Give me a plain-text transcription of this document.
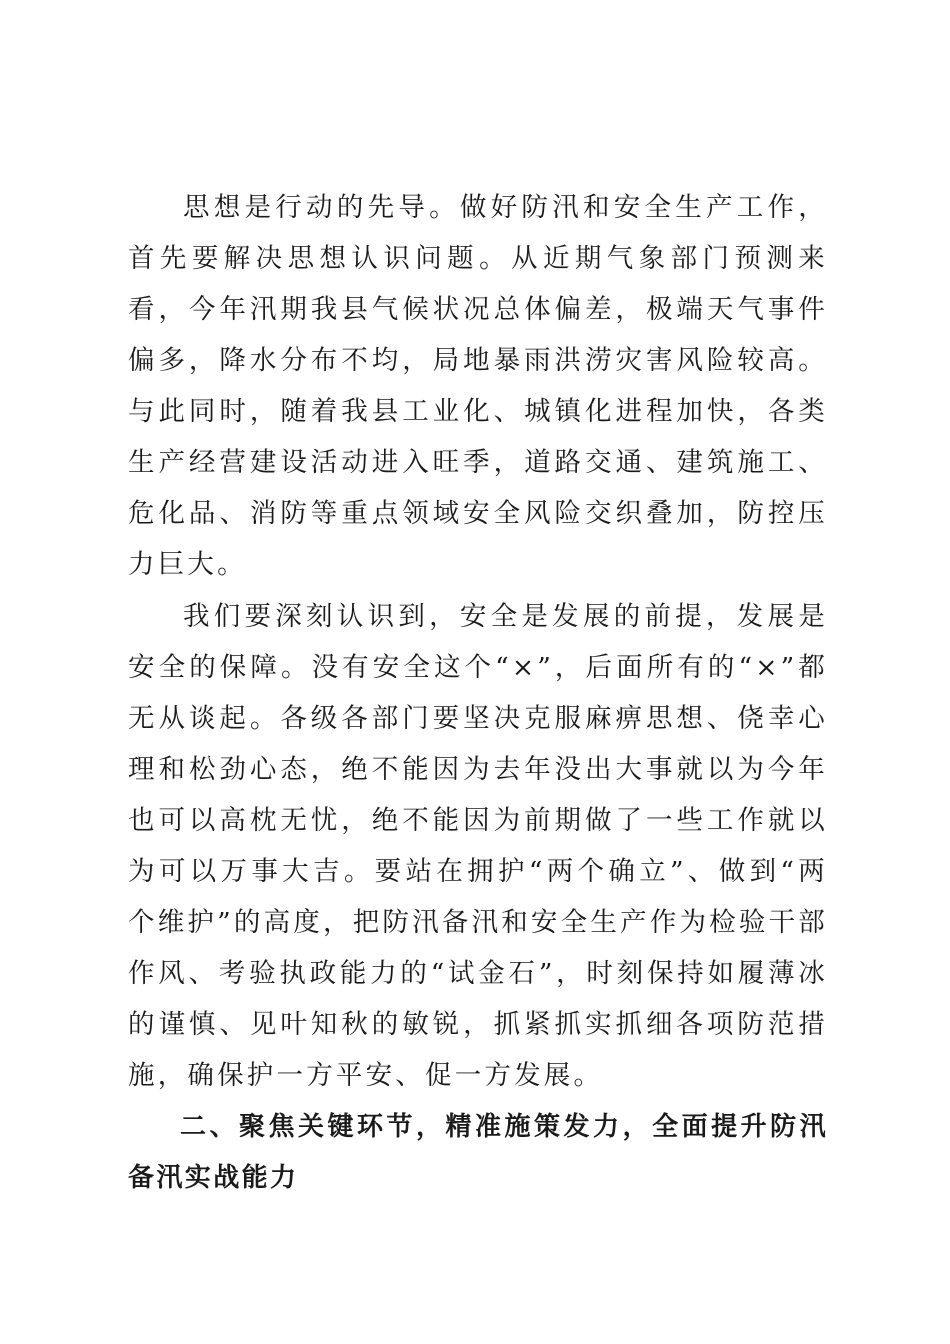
思想是行动的先导。做好防汛和安全生产工作，首先要解决思想认识问题。从近期气象部门预测来看，今年汛期我县气候状况总体偏差，极端天气事件偏多，降水分布不均，局地暴雨洪涝灾害风险较高。与此同时，随着我县工业化、城镇化进程加快，各类生产经营建设活动进入旺季，道路交通、建筑施工、危化品、消防等重点领域安全风险交织叠加，防控压力巨大。

我们要深刻认识到，安全是发展的前提，发展是安全的保障。没有安全这个“×”，后面所有的“×”都无从谈起。各级各部门要坚决克服麻痹思想、侥幸心理和松劲心态，绝不能因为去年没出大事就以为今年也可以高枕无忧，绝不能因为前期做了一些工作就以为可以万事大吉。要站在拥护“两个确立”、做到“两个维护”的高度，把防汛备汛和安全生产作为检验干部作风、考验执政能力的“试金石”，时刻保持如履薄冰的谨慎、见叶知秋的敏锐，抓紧抓实抓细各项防范措施，确保护一方平安、促一方发展。

二、聚焦关键环节，精准施策发力，全面提升防汛备汛实战能力
